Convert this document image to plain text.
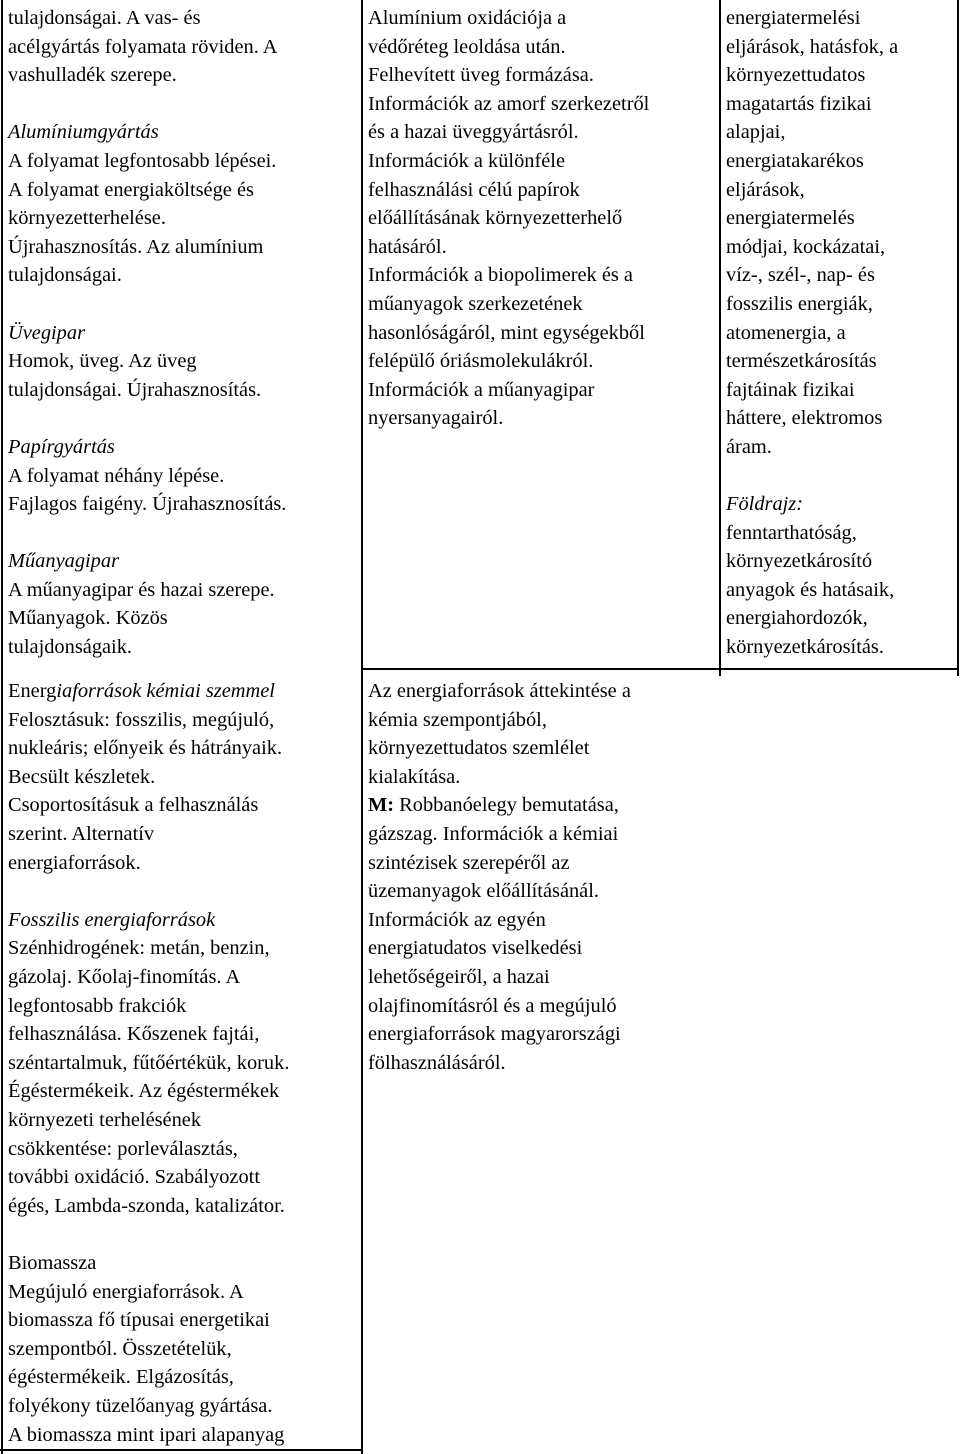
tulajdonságai. A vas- és

acélgyártás folyamata röviden. A

vashulladék szerepe.

Alumíniumgyártás

A folyamat legfontosabb lépései.

A folyamat energiaköltsége és

környezetterhelése.

Újrahasznosítás. Az alumínium

tulajdonságai.

Üvegipar

Homok, üveg. Az üveg

tulajdonságai. Újrahasznosítás.

Papírgyártás

A folyamat néhány lépése.

Fajlagos faigény. Újrahasznosítás.

Műanyagipar

A műanyagipar és hazai szerepe.

Műanyagok. Közös

tulajdonságaik.

Energiaforrások kémiai szemmel

Felosztásuk: fosszilis, megújuló,

nukleáris; előnyeik és hátrányaik.

Becsült készletek.

Csoportosításuk a felhasználás

szerint. Alternatív

energiaforrások.

Fosszilis energiaforrások

Szénhidrogének: metán, benzin,

gázolaj. Kőolaj-finomítás. A

legfontosabb frakciók

felhasználása. Kőszenek fajtái,

széntartalmuk, fűtőértékük, koruk.

Égéstermékeik. Az égéstermékek

környezeti terhelésének

csökkentése: porleválasztás,

további oxidáció. Szabályozott

égés, Lambda-szonda, katalizátor.

Biomassza

Megújuló energiaforrások. A

biomassza fő típusai energetikai

szempontból. Összetételük,

égéstermékeik. Elgázosítás,

folyékony tüzelőanyag gyártása.

A biomassza mint ipari alapanyag

Alumínium oxidációja a

védőréteg leoldása után.

Felhevített üveg formázása.

Információk az amorf szerkezetről

és a hazai üveggyártásról.

Információk a különféle

felhasználási célú papírok

előállításának környezetterhelő

hatásáról.

Információk a biopolimerek és a

műanyagok szerkezetének

hasonlóságáról, mint egységekből

felépülő óriásmolekulákról.

Információk a műanyagipar

nyersanyagairól.

Az energiaforrások áttekintése a

kémia szempontjából,

környezettudatos szemlélet

kialakítása.

M: Robbanóelegy bemutatása,

gázszag. Információk a kémiai

szintézisek szerepéről az

üzemanyagok előállításánál.

Információk az egyén

energiatudatos viselkedési

lehetőségeiről, a hazai

olajfinomításról és a megújuló

energiaforrások magyarországi

fölhasználásáról.

energiatermelési

eljárások, hatásfok, a

környezettudatos

magatartás fizikai

alapjai,

energiatakarékos

eljárások,

energiatermelés

módjai, kockázatai,

víz-, szél-, nap- és

fosszilis energiák,

atomenergia, a

természetkárosítás

fajtáinak fizikai

háttere, elektromos

áram.

Földrajz:

fenntarthatóság,

környezetkárosító

anyagok és hatásaik,

energiahordozók,

környezetkárosítás.
